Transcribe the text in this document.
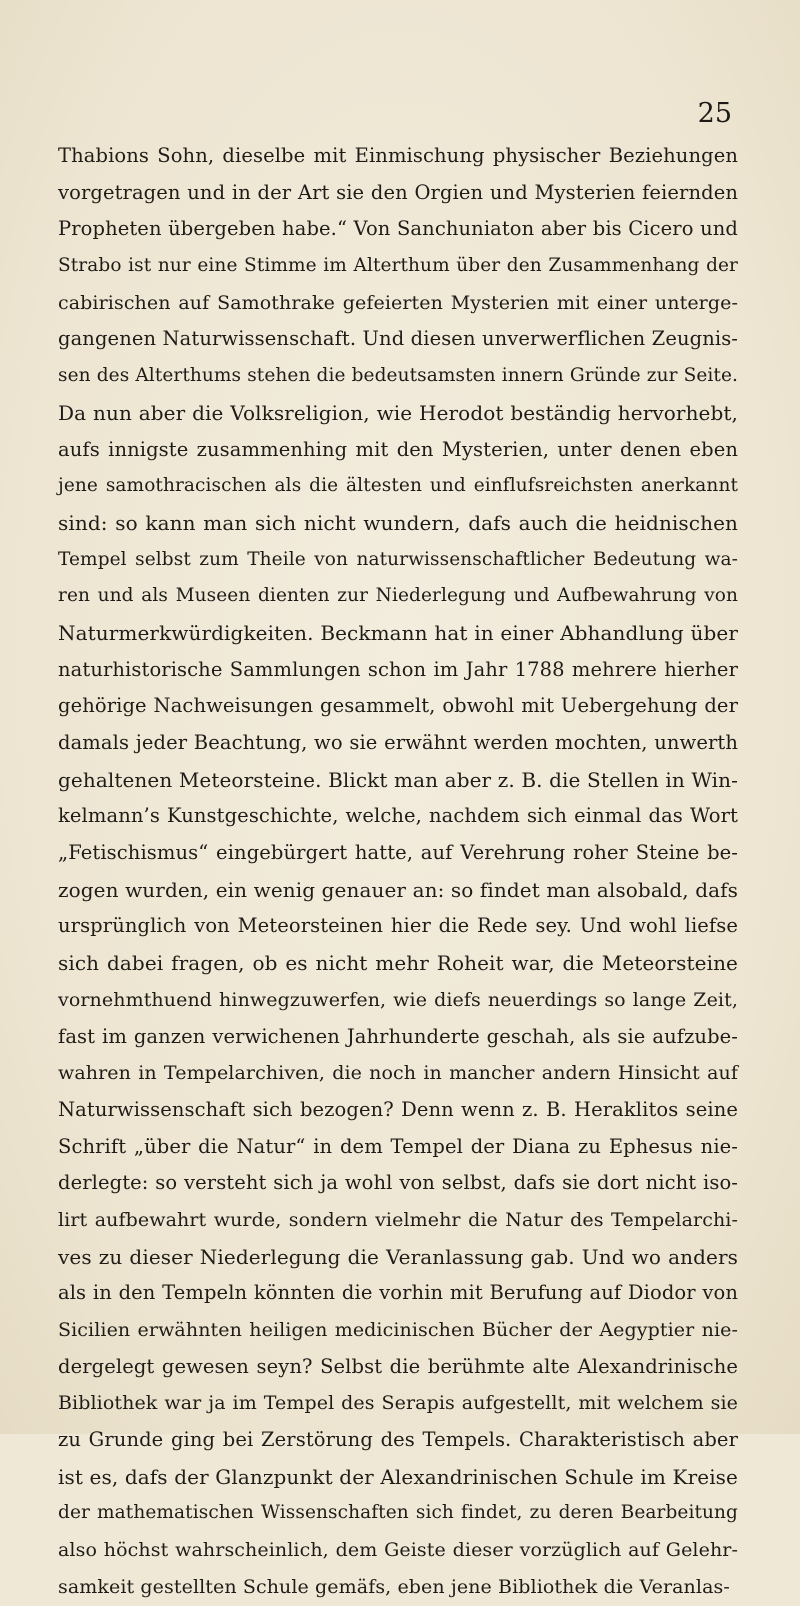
25

Thabions Sohn, dieselbe mit Einmischung physischer Beziehungen
vorgetragen und in der Art sie den Orgien und Mysterien feiernden
Propheten übergeben habe.“ Von Sanchuniaton aber bis Cicero und
Strabo ist nur eine Stimme im Alterthum über den Zusammenhang der
cabirischen auf Samothrake gefeierten Mysterien mit einer unterge-
gangenen Naturwissenschaft. Und diesen unverwerflichen Zeugnis-
sen des Alterthums stehen die bedeutsamsten innern Gründe zur Seite.
Da nun aber die Volksreligion, wie Herodot beständig hervorhebt,
aufs innigste zusammenhing mit den Mysterien, unter denen eben
jene samothracischen als die ältesten und einflufsreichsten anerkannt
sind: so kann man sich nicht wundern, dafs auch die heidnischen
Tempel selbst zum Theile von naturwissenschaftlicher Bedeutung wa-
ren und als Museen dienten zur Niederlegung und Aufbewahrung von
Naturmerkwürdigkeiten. Beckmann hat in einer Abhandlung über
naturhistorische Sammlungen schon im Jahr 1788 mehrere hierher
gehörige Nachweisungen gesammelt, obwohl mit Uebergehung der
damals jeder Beachtung, wo sie erwähnt werden mochten, unwerth
gehaltenen Meteorsteine. Blickt man aber z. B. die Stellen in Win-
kelmann’s Kunstgeschichte, welche, nachdem sich einmal das Wort
„Fetischismus“ eingebürgert hatte, auf Verehrung roher Steine be-
zogen wurden, ein wenig genauer an: so findet man alsobald, dafs
ursprünglich von Meteorsteinen hier die Rede sey. Und wohl liefse
sich dabei fragen, ob es nicht mehr Roheit war, die Meteorsteine
vornehmthuend hinwegzuwerfen, wie diefs neuerdings so lange Zeit,
fast im ganzen verwichenen Jahrhunderte geschah, als sie aufzube-
wahren in Tempelarchiven, die noch in mancher andern Hinsicht auf
Naturwissenschaft sich bezogen? Denn wenn z. B. Heraklitos seine
Schrift „über die Natur“ in dem Tempel der Diana zu Ephesus nie-
derlegte: so versteht sich ja wohl von selbst, dafs sie dort nicht iso-
lirt aufbewahrt wurde, sondern vielmehr die Natur des Tempelarchi-
ves zu dieser Niederlegung die Veranlassung gab. Und wo anders
als in den Tempeln könnten die vorhin mit Berufung auf Diodor von
Sicilien erwähnten heiligen medicinischen Bücher der Aegyptier nie-
dergelegt gewesen seyn? Selbst die berühmte alte Alexandrinische
Bibliothek war ja im Tempel des Serapis aufgestellt, mit welchem sie
zu Grunde ging bei Zerstörung des Tempels. Charakteristisch aber
ist es, dafs der Glanzpunkt der Alexandrinischen Schule im Kreise
der mathematischen Wissenschaften sich findet, zu deren Bearbeitung
also höchst wahrscheinlich, dem Geiste dieser vorzüglich auf Gelehr-
samkeit gestellten Schule gemäfs, eben jene Bibliothek die Veranlas-
